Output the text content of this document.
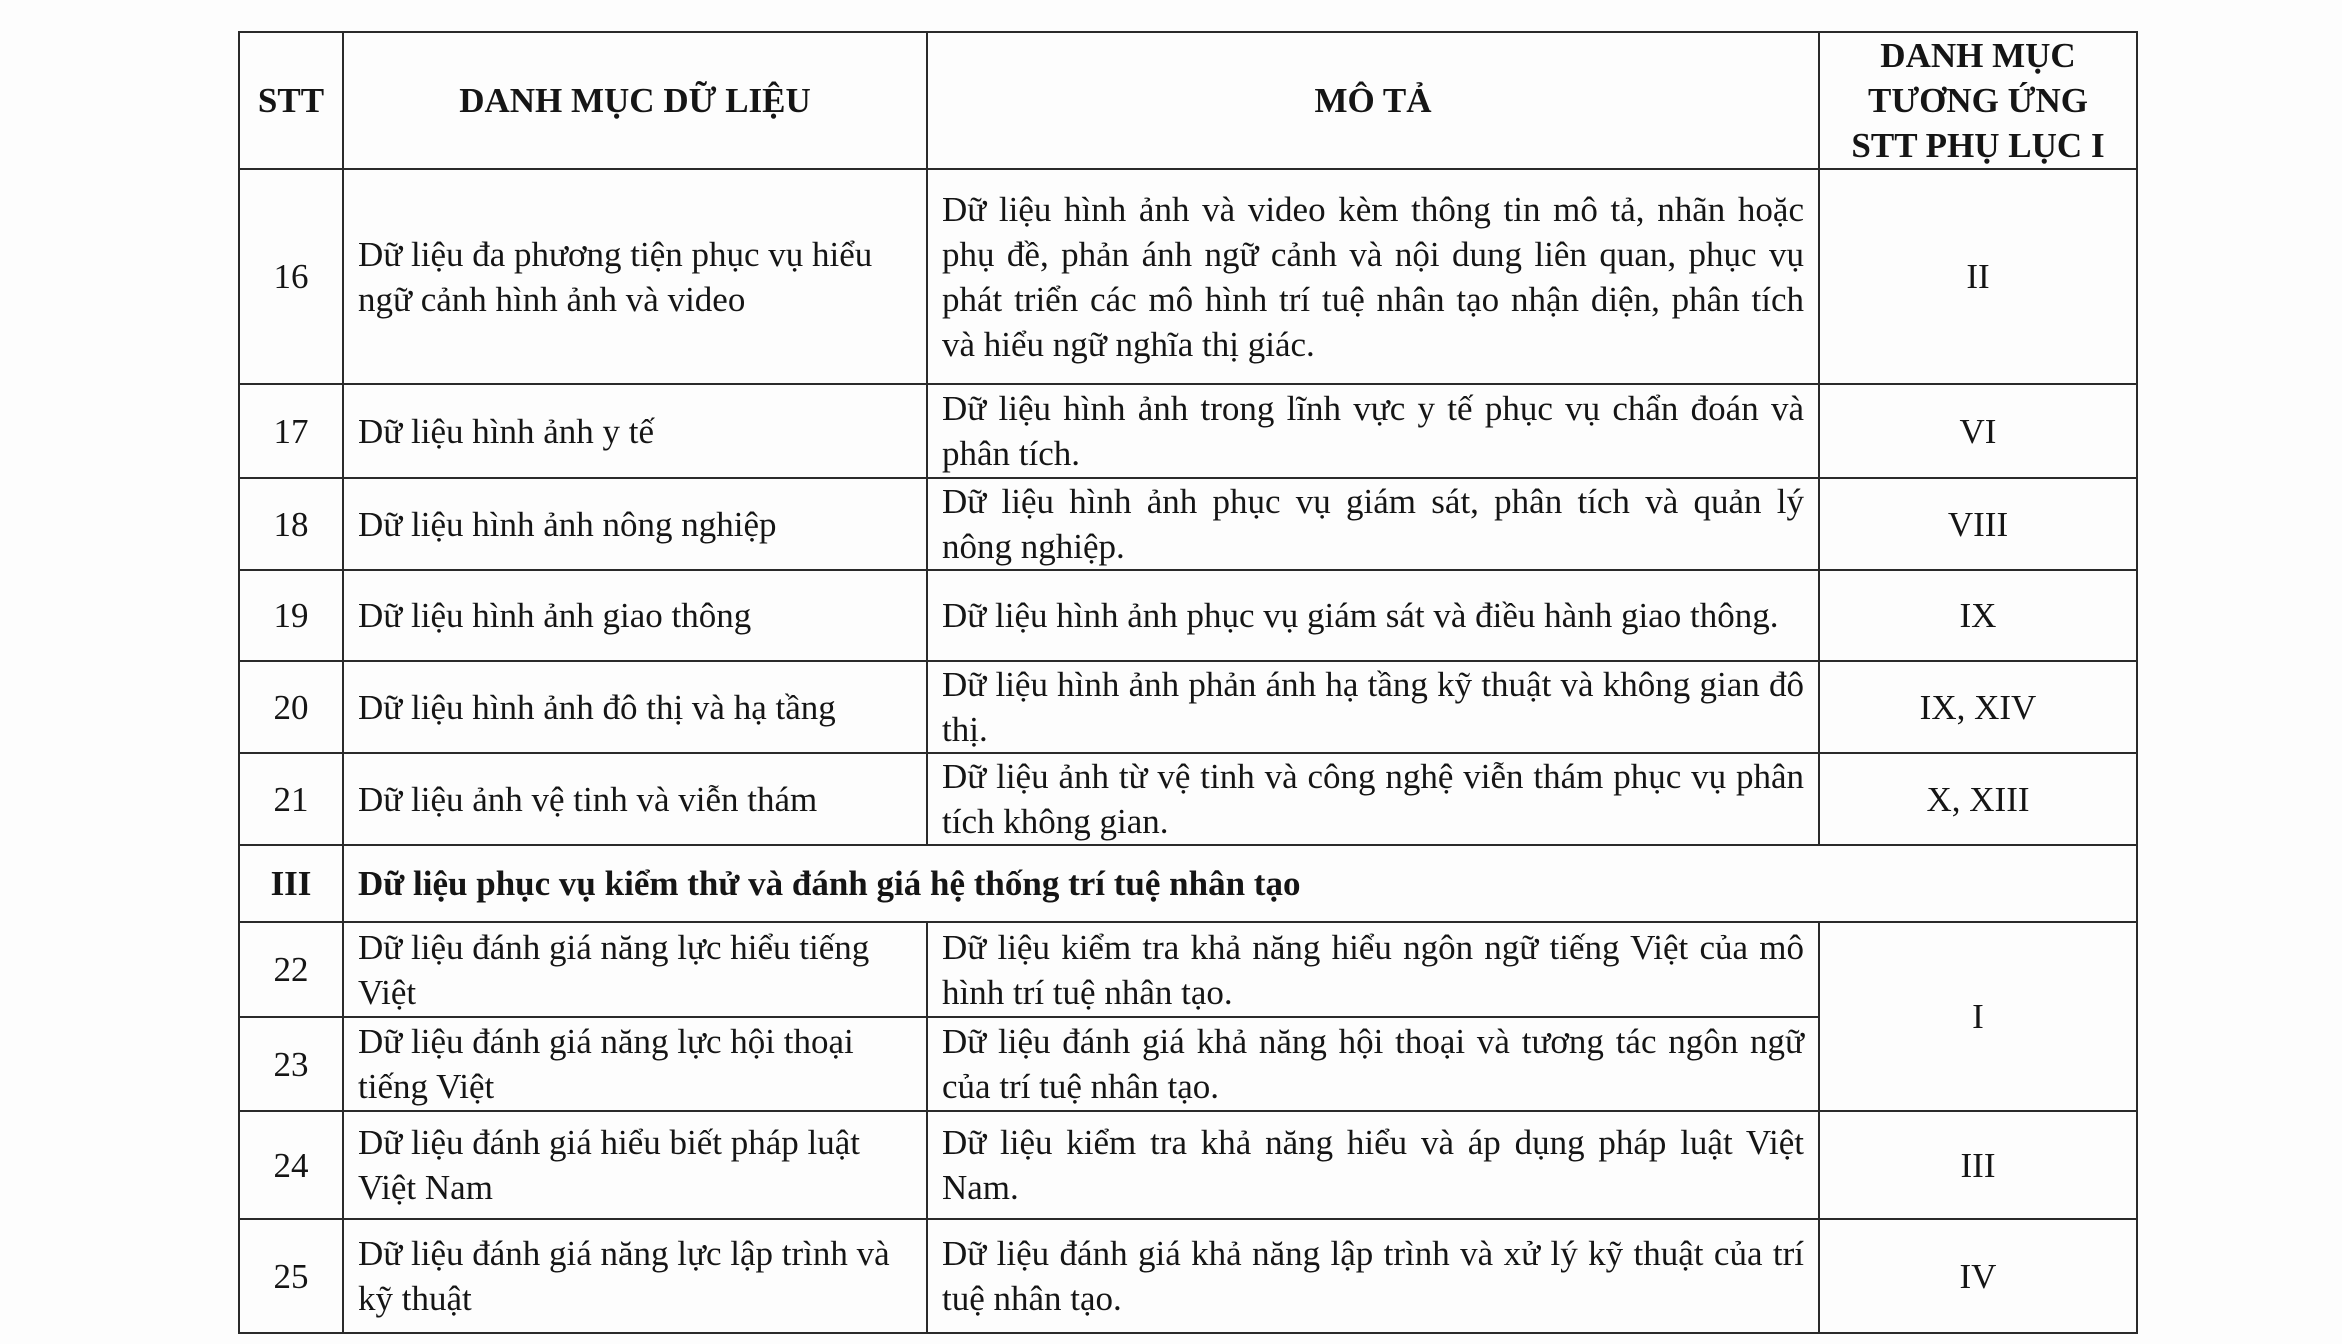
STT	DANH MỤC DỮ LIỆU	MÔ TẢ	DANH MỤC TƯƠNG ỨNG STT PHỤ LỤC I
16	Dữ liệu đa phương tiện phục vụ hiểu ngữ cảnh hình ảnh và video	Dữ liệu hình ảnh và video kèm thông tin mô tả, nhãn hoặc phụ đề, phản ánh ngữ cảnh và nội dung liên quan, phục vụ phát triển các mô hình trí tuệ nhân tạo nhận diện, phân tích và hiểu ngữ nghĩa thị giác.	II
17	Dữ liệu hình ảnh y tế	Dữ liệu hình ảnh trong lĩnh vực y tế phục vụ chẩn đoán và phân tích.	VI
18	Dữ liệu hình ảnh nông nghiệp	Dữ liệu hình ảnh phục vụ giám sát, phân tích và quản lý nông nghiệp.	VIII
19	Dữ liệu hình ảnh giao thông	Dữ liệu hình ảnh phục vụ giám sát và điều hành giao thông.	IX
20	Dữ liệu hình ảnh đô thị và hạ tầng	Dữ liệu hình ảnh phản ánh hạ tầng kỹ thuật và không gian đô thị.	IX, XIV
21	Dữ liệu ảnh vệ tinh và viễn thám	Dữ liệu ảnh từ vệ tinh và công nghệ viễn thám phục vụ phân tích không gian.	X, XIII
III	Dữ liệu phục vụ kiểm thử và đánh giá hệ thống trí tuệ nhân tạo		
22	Dữ liệu đánh giá năng lực hiểu tiếng Việt	Dữ liệu kiểm tra khả năng hiểu ngôn ngữ tiếng Việt của mô hình trí tuệ nhân tạo.	I
23	Dữ liệu đánh giá năng lực hội thoại tiếng Việt	Dữ liệu đánh giá khả năng hội thoại và tương tác ngôn ngữ của trí tuệ nhân tạo.	
24	Dữ liệu đánh giá hiểu biết pháp luật Việt Nam	Dữ liệu kiểm tra khả năng hiểu và áp dụng pháp luật Việt Nam.	III
25	Dữ liệu đánh giá năng lực lập trình và kỹ thuật	Dữ liệu đánh giá khả năng lập trình và xử lý kỹ thuật của trí tuệ nhân tạo.	IV
